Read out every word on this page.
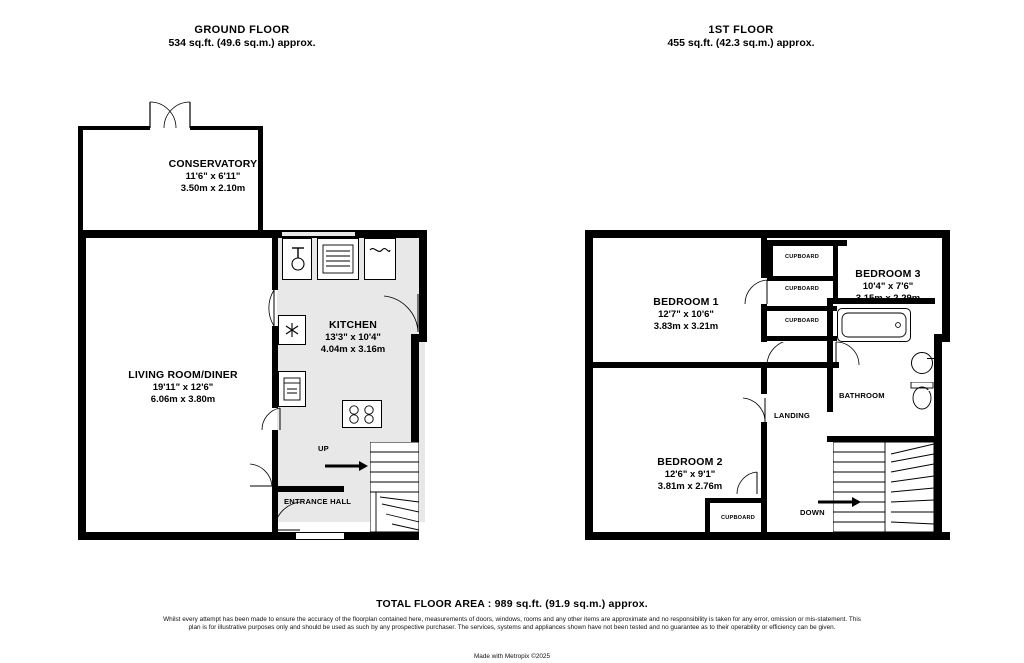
GROUND FLOOR
534 sq.ft. (49.6 sq.m.) approx.
1ST FLOOR
455 sq.ft. (42.3 sq.m.) approx.
UP
CONSERVATORY
11'6" x 6'11"
3.50m x 2.10m
KITCHEN
13'3" x 10'4"
4.04m x 3.16m
LIVING ROOM/DINER
19'11" x 12'6"
6.06m x 3.80m
ENTRANCE HALL
DOWN
BEDROOM 1
12'7" x 10'6"
3.83m x 3.21m
BEDROOM 3
10'4" x 7'6"
3.15m x 2.29m
BEDROOM 2
12'6" x 9'1"
3.81m x 2.76m
BATHROOM
LANDING
CUPBOARD
CUPBOARD
CUPBOARD
CUPBOARD
TOTAL FLOOR AREA : 989 sq.ft. (91.9 sq.m.) approx.
Whilst every attempt has been made to ensure the accuracy of the floorplan contained here, measurements of doors, windows, rooms and any other items are approximate and no responsibility is taken for any error, omission or mis-statement. This plan is for illustrative purposes only and should be used as such by any prospective purchaser. The services, systems and appliances shown have not been tested and no guarantee as to their operability or efficiency can be given.
Made with Metropix ©2025
